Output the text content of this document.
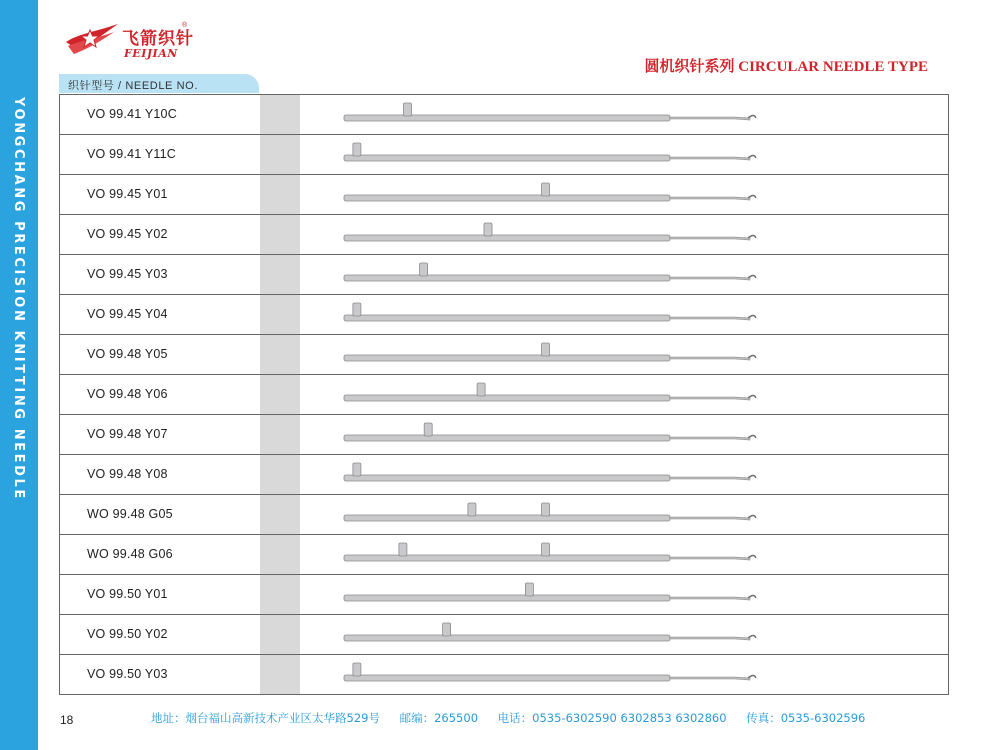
YONGCHANG PRECISION KNITTING NEEDLE
飞箭织针
®
FEIJIAN
圆机织针系列 CIRCULAR NEEDLE TYPE
织针型号 / NEEDLE NO.
VO 99.41 Y10C
VO 99.41 Y11C
VO 99.45 Y01
VO 99.45 Y02
VO 99.45 Y03
VO 99.45 Y04
VO 99.48 Y05
VO 99.48 Y06
VO 99.48 Y07
VO 99.48 Y08
WO 99.48 G05
WO 99.48 G06
VO 99.50 Y01
VO 99.50 Y02
VO 99.50 Y03
18	地址：烟台福山高新技术产业区太华路529号 邮编：265500 电话：0535-6302590 6302853 6302860 传真：0535-6302596
